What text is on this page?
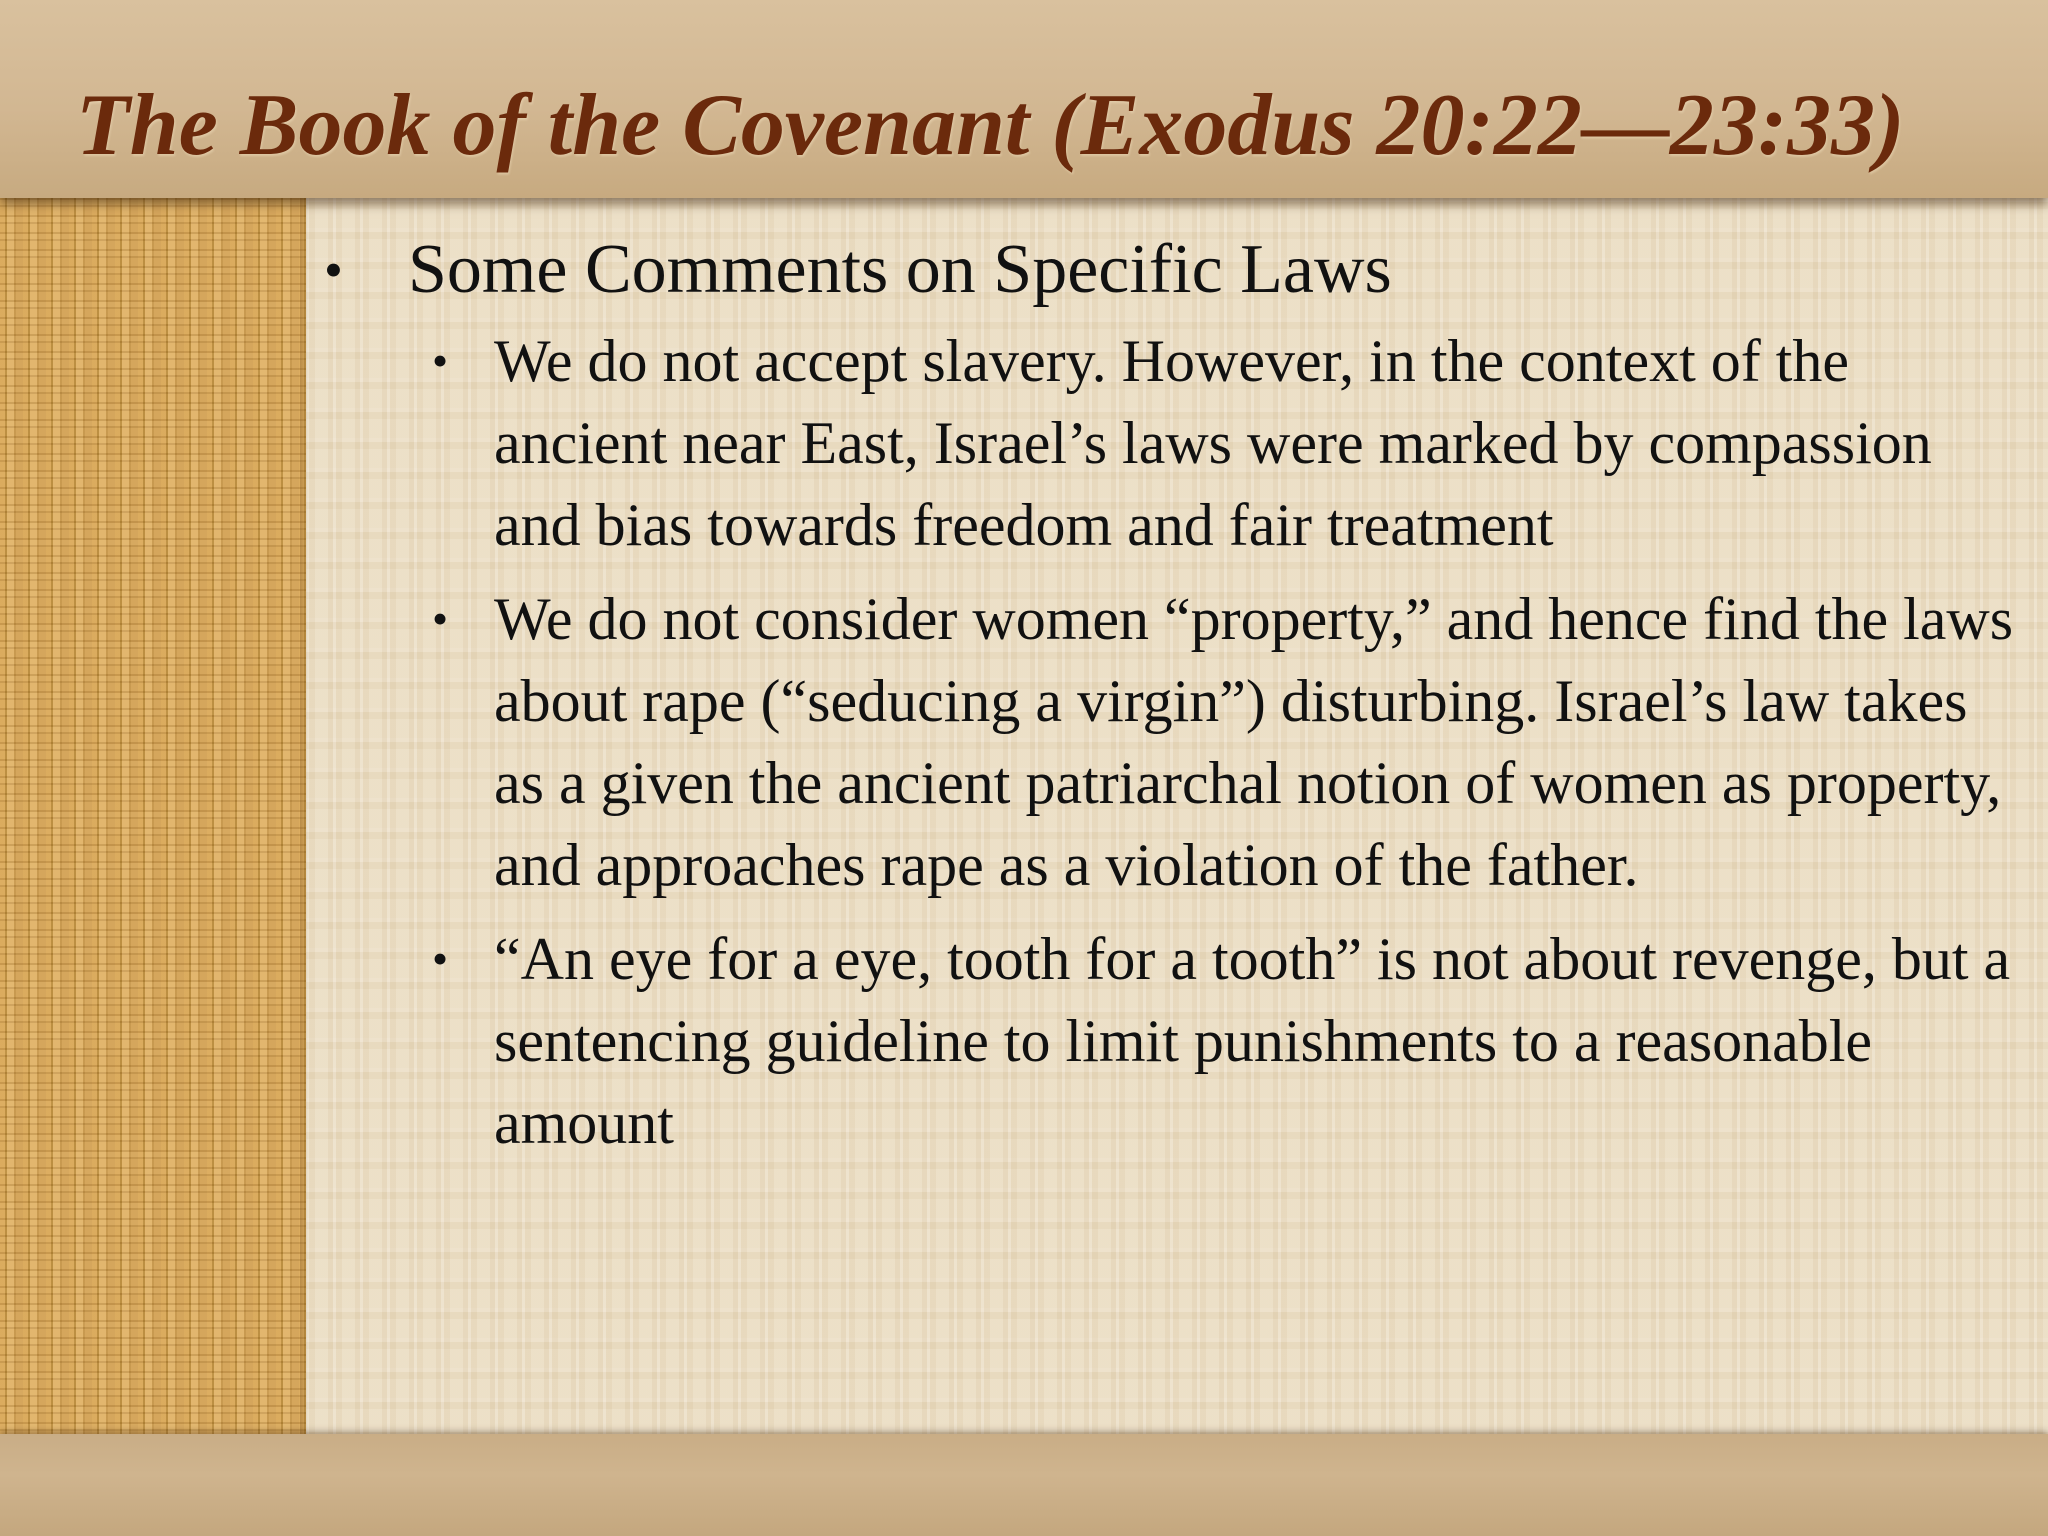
The Book of the Covenant (Exodus 20:22—23:33)
• Some Comments on Specific Laws
• We do not accept slavery. However, in the context of the ancient near East, Israel’s laws were marked by compassion and bias towards freedom and fair treatment
• We do not consider women “property,” and hence find the laws about rape (“seducing a virgin”) disturbing. Israel’s law takes as a given the ancient patriarchal notion of women as property, and approaches rape as a violation of the father.
• “An eye for a eye, tooth for a tooth” is not about revenge, but a sentencing guideline to limit punishments to a reasonable amount
